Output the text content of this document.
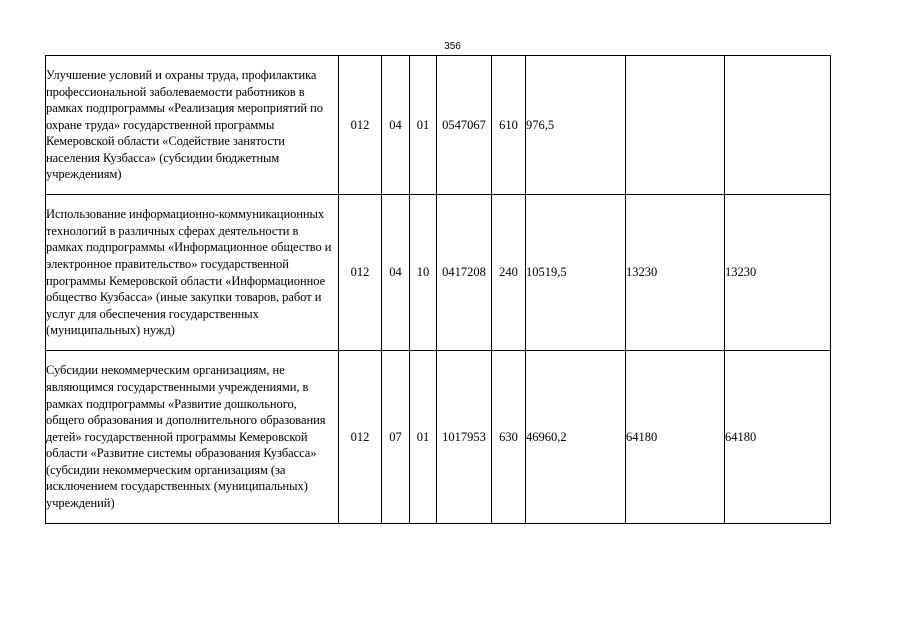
356
Улучшение условий и охраны труда, профилактика профессиональной заболеваемости работников в рамках подпрограммы «Реализация мероприятий по охране труда» государственной программы Кемеровской области «Содействие занятости населения Кузбасса» (субсидии бюджетным учреждениям)	012	04	01	0547067	610	976,5		
Использование информационно-коммуникационных технологий в различных сферах деятельности в рамках подпрограммы «Информационное общество и электронное правительство» государственной программы Кемеровской области «Информационное общество Кузбасса» (иные закупки товаров, работ и услуг для обеспечения государственных (муниципальных) нужд)	012	04	10	0417208	240	10519,5	13230	13230
Субсидии некоммерческим организациям, не являющимся государственными учреждениями, в рамках подпрограммы «Развитие дошкольного, общего образования и дополнительного образования детей» государственной программы Кемеровской области «Развитие системы образования Кузбасса» (субсидии некоммерческим организациям (за исключением государственных (муниципальных) учреждений)	012	07	01	1017953	630	46960,2	64180	64180
